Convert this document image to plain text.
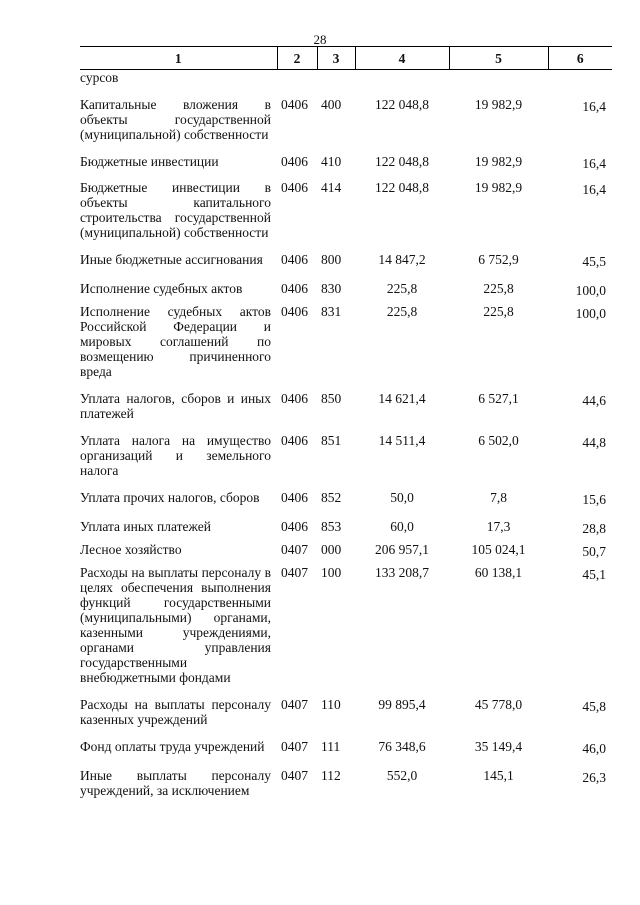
28
1	2	3	4	5	6
сурсов					
Капитальные вложения в объекты государственной (муниципальной) собственности	0406	400	122 048,8	19 982,9	16,4
Бюджетные инвестиции	0406	410	122 048,8	19 982,9	16,4
Бюджетные инвестиции в объекты капитального строительства государственной (муниципальной) собственности	0406	414	122 048,8	19 982,9	16,4
Иные бюджетные ассигнования	0406	800	14 847,2	6 752,9	45,5
Исполнение судебных актов	0406	830	225,8	225,8	100,0
Исполнение судебных актов Российской Федерации и мировых соглашений по возмещению причиненного вреда	0406	831	225,8	225,8	100,0
Уплата налогов, сборов и иных платежей	0406	850	14 621,4	6 527,1	44,6
Уплата налога на имущество организаций и земельного налога	0406	851	14 511,4	6 502,0	44,8
Уплата прочих налогов, сборов	0406	852	50,0	7,8	15,6
Уплата иных платежей	0406	853	60,0	17,3	28,8
Лесное хозяйство	0407	000	206 957,1	105 024,1	50,7
Расходы на выплаты персоналу в целях обеспечения выполнения функций государственными (муниципальными) органами, казенными учреждениями, органами управления государственными внебюджетными фондами	0407	100	133 208,7	60 138,1	45,1
Расходы на выплаты персоналу казенных учреждений	0407	110	99 895,4	45 778,0	45,8
Фонд оплаты труда учреждений	0407	111	76 348,6	35 149,4	46,0
Иные выплаты персоналу учреждений, за исключением	0407	112	552,0	145,1	26,3
